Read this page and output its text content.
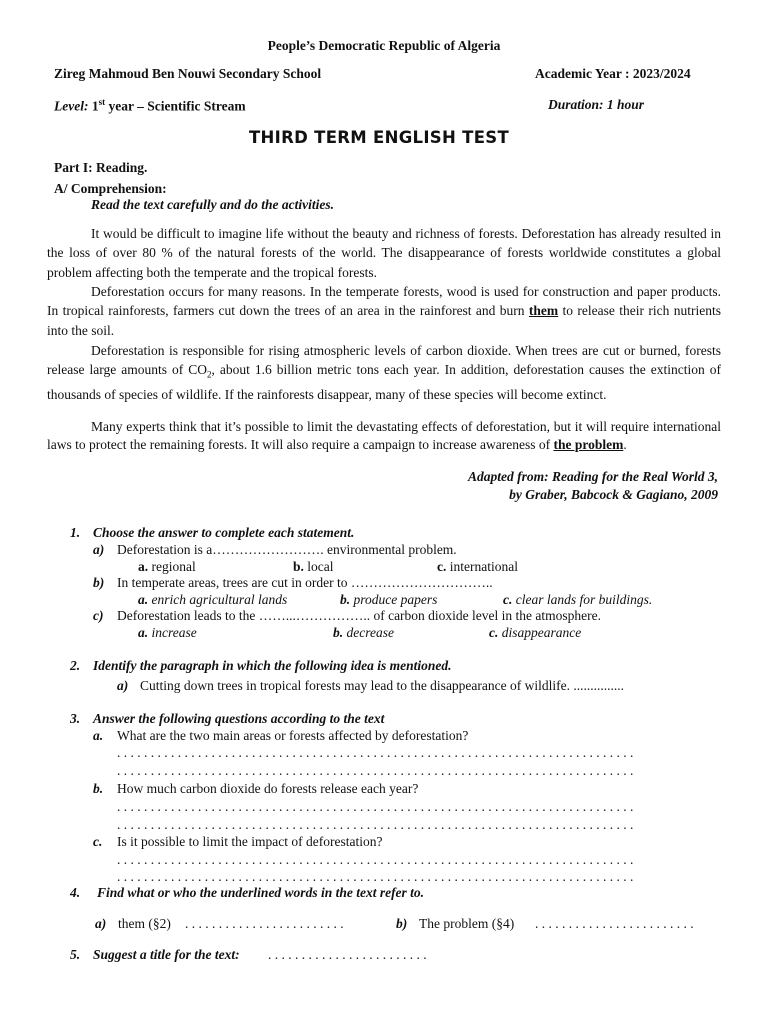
People’s Democratic Republic of Algeria
Zireg Mahmoud Ben Nouwi Secondary School	Academic Year : 2023/2024
Level: 1st year – Scientific Stream	Duration: 1 hour
THIRD TERM ENGLISH TEST
Part I: Reading.
A/ Comprehension:
Read the text carefully and do the activities.
It would be difficult to imagine life without the beauty and richness of forests. Deforestation has already resulted in the loss of over 80 % of the natural forests of the world. The disappearance of forests worldwide constitutes a global problem affecting both the temperate and the tropical forests.
Deforestation occurs for many reasons. In the temperate forests, wood is used for construction and paper products. In tropical rainforests, farmers cut down the trees of an area in the rainforest and burn them to release their rich nutrients into the soil.
Deforestation is responsible for rising atmospheric levels of carbon dioxide. When trees are cut or burned, forests release large amounts of $CO_2$, about 1.6 billion metric tons each year. In addition, deforestation causes the extinction of thousands of species of wildlife. If the rainforests disappear, many of these species will become extinct.
Many experts think that it’s possible to limit the devastating effects of deforestation, but it will require international laws to protect the remaining forests. It will also require a campaign to increase awareness of the problem.
Adapted from: Reading for the Real World 3,
by Graber, Babcock & Gagiano, 2009
1. Choose the answer to complete each statement.
a) Deforestation is a……………………. environmental problem.
a. regional	b. local	c. international
b) In temperate areas, trees are cut in order to …………………………..
a. enrich agricultural lands	b. produce papers	c. clear lands for buildings.
c) Deforestation leads to the ……...…………….. of carbon dioxide level in the atmosphere.
a. increase	b. decrease	c. disappearance
2. Identify the paragraph in which the following idea is mentioned.
a) Cutting down trees in tropical forests may lead to the disappearance of wildlife. ...............
3. Answer the following questions according to the text
a. What are the two main areas or forests affected by deforestation?
. . . . . . . . . . . . . . . . . . . . . . . . . . . . . . . . . . . . . . . . . . . . . . . . . . . . . . . . . . . . . . . . . . . . . . . . . . . . .
. . . . . . . . . . . . . . . . . . . . . . . . . . . . . . . . . . . . . . . . . . . . . . . . . . . . . . . . . . . . . . . . . . . . . . . . . . . . .
b. How much carbon dioxide do forests release each year?
. . . . . . . . . . . . . . . . . . . . . . . . . . . . . . . . . . . . . . . . . . . . . . . . . . . . . . . . . . . . . . . . . . . . . . . . . . . . .
. . . . . . . . . . . . . . . . . . . . . . . . . . . . . . . . . . . . . . . . . . . . . . . . . . . . . . . . . . . . . . . . . . . . . . . . . . . . .
c. Is it possible to limit the impact of deforestation?
. . . . . . . . . . . . . . . . . . . . . . . . . . . . . . . . . . . . . . . . . . . . . . . . . . . . . . . . . . . . . . . . . . . . . . . . . . . . .
. . . . . . . . . . . . . . . . . . . . . . . . . . . . . . . . . . . . . . . . . . . . . . . . . . . . . . . . . . . . . . . . . . . . . . . . . . . . .
4. Find what or who the underlined words in the text refer to.
a) them (§2) . . . . . . . . . . . . . . . . . . . . . . . .	b) The problem (§4) . . . . . . . . . . . . . . . . . . . . . . . .
5. Suggest a title for the text: . . . . . . . . . . . . . . . . . . . . . . . .
